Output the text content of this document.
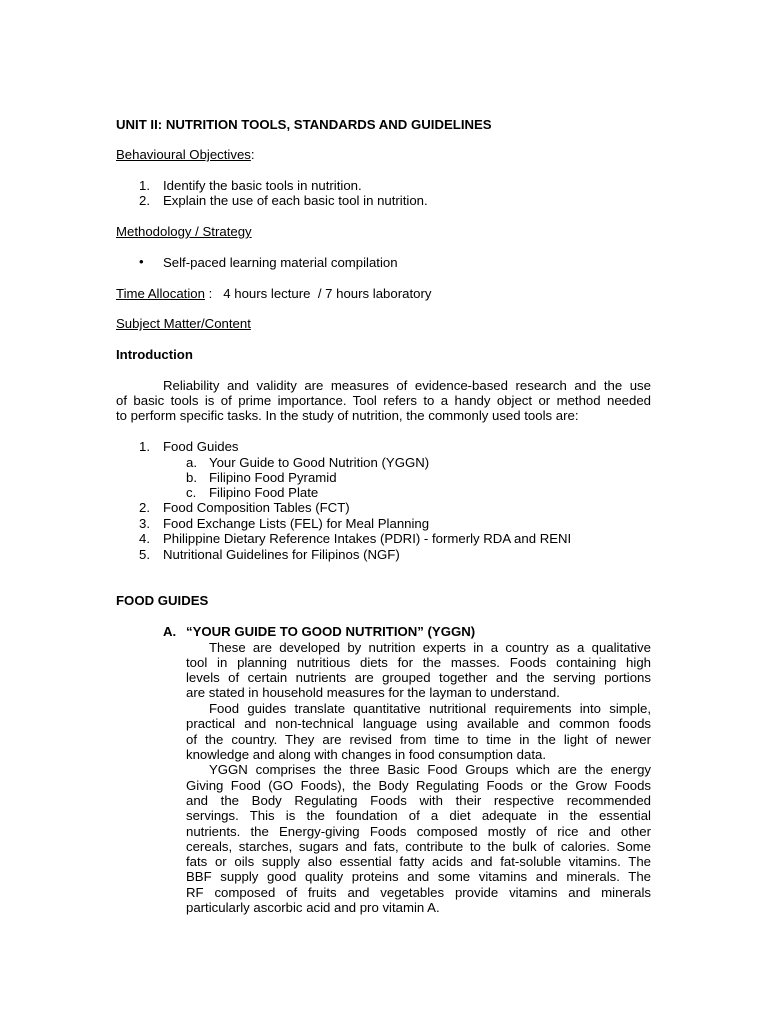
UNIT II: NUTRITION TOOLS, STANDARDS AND GUIDELINES
Behavioural Objectives:
1. Identify the basic tools in nutrition.
2. Explain the use of each basic tool in nutrition.
Methodology / Strategy
• Self-paced learning material compilation
Time Allocation :   4 hours lecture  / 7 hours laboratory
Subject Matter/Content
Introduction
Reliability and validity are measures of evidence-based research and the use
of basic tools is of prime importance. Tool refers to a handy object or method needed
to perform specific tasks. In the study of nutrition, the commonly used tools are:
1. Food Guides
a. Your Guide to Good Nutrition (YGGN)
b. Filipino Food Pyramid
c. Filipino Food Plate
2. Food Composition Tables (FCT)
3. Food Exchange Lists (FEL) for Meal Planning
4. Philippine Dietary Reference Intakes (PDRI) - formerly RDA and RENI
5. Nutritional Guidelines for Filipinos (NGF)
FOOD GUIDES
A. “YOUR GUIDE TO GOOD NUTRITION” (YGGN)
These are developed by nutrition experts in a country as a qualitative
tool in planning nutritious diets for the masses. Foods containing high
levels of certain nutrients are grouped together and the serving portions
are stated in household measures for the layman to understand.
Food guides translate quantitative nutritional requirements into simple,
practical and non-technical language using available and common foods
of the country. They are revised from time to time in the light of newer
knowledge and along with changes in food consumption data.
YGGN comprises the three Basic Food Groups which are the energy
Giving Food (GO Foods), the Body Regulating Foods or the Grow Foods
and the Body Regulating Foods with their respective recommended
servings. This is the foundation of a diet adequate in the essential
nutrients. the Energy-giving Foods composed mostly of rice and other
cereals, starches, sugars and fats, contribute to the bulk of calories. Some
fats or oils supply also essential fatty acids and fat-soluble vitamins. The
BBF supply good quality proteins and some vitamins and minerals. The
RF composed of fruits and vegetables provide vitamins and minerals
particularly ascorbic acid and pro vitamin A.
